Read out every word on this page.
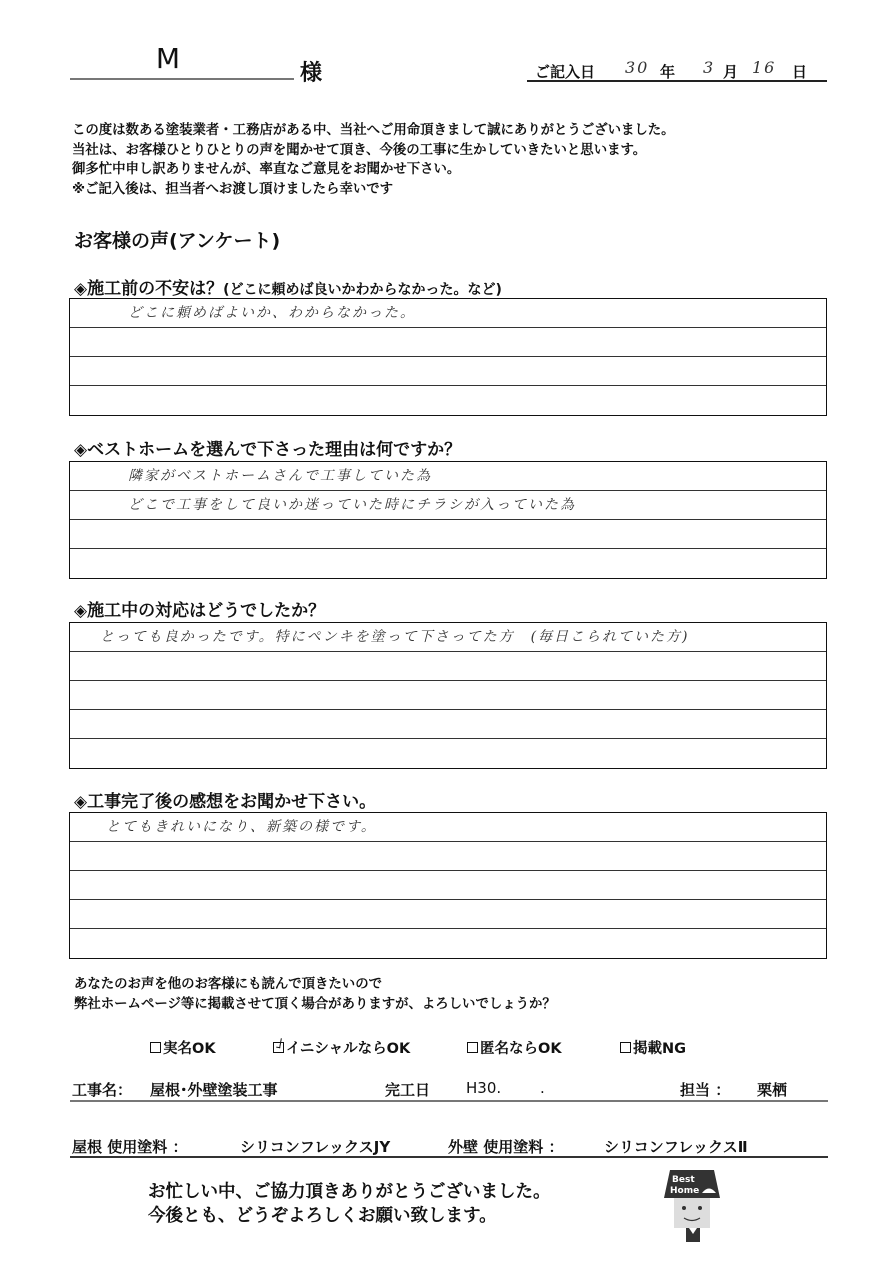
M	様	ご記入日 30 年 3 月 16 日
この度は数ある塗装業者・工務店がある中、当社へご用命頂きまして誠にありがとうございました。
当社は、お客様ひとりひとりの声を聞かせて頂き、今後の工事に生かしていきたいと思います。
御多忙中申し訳ありませんが、率直なご意見をお聞かせ下さい。
※ご記入後は、担当者へお渡し頂けましたら幸いです
お客様の声(アンケート)
◈施工前の不安は？(どこに頼めば良いかわからなかった。など)
どこに頼めばよいか、わからなかった。
◈ベストホームを選んで下さった理由は何ですか？
隣家がベストホームさんで工事していた為
どこで工事をして良いか迷っていた時にチラシが入っていた為
◈施工中の対応はどうでしたか？
とっても良かったです。特にペンキを塗って下さってた方　(毎日こられていた方)
◈工事完了後の感想をお聞かせ下さい。
とてもきれいになり、新築の様です。
あなたのお声を他のお客様にも読んで頂きたいので
弊社ホームページ等に掲載させて頂く場合がありますが、よろしいでしょうか？
実名OK	イニシャルならOK	匿名ならOK	掲載NG
工事名： 屋根･外壁塗装工事	完工日 H30.	.	担当 ： 栗栖
屋根 使用塗料 ：	シリコンフレックスJY	外壁 使用塗料 ：	シリコンフレックスⅡ
お忙しい中、ご協力頂きありがとうございました。
今後とも、どうぞよろしくお願い致します。
Best
Home
